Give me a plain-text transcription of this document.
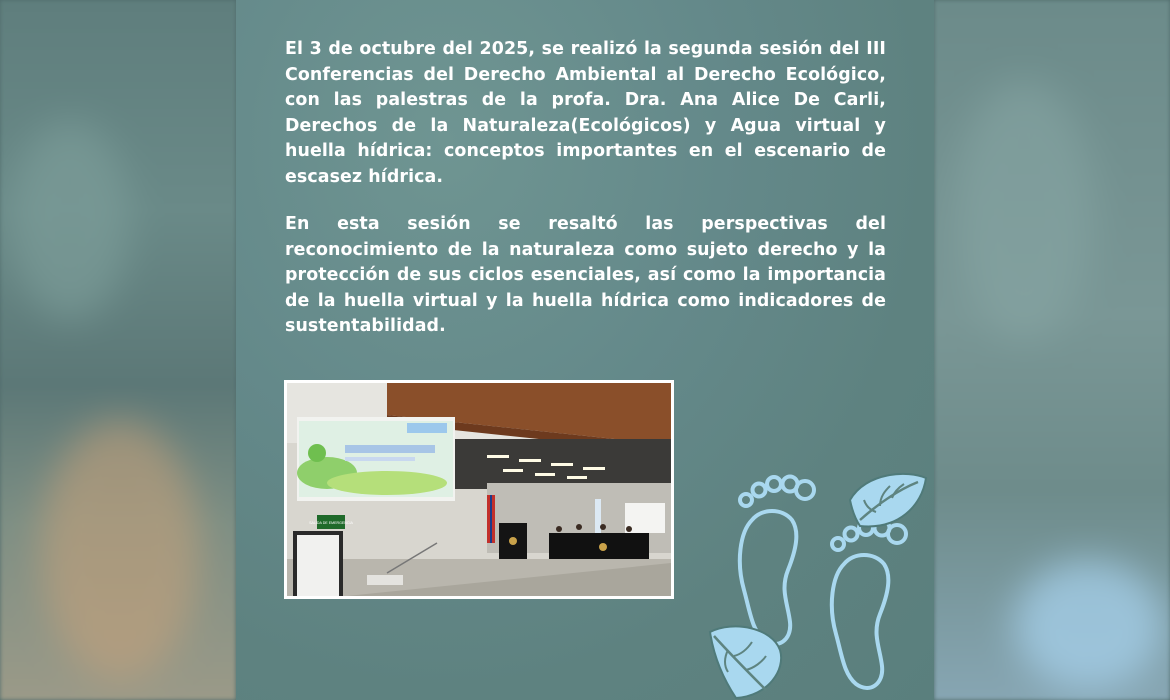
El 3 de octubre del 2025, se realizó la segunda sesión del III Conferencias del Derecho Ambiental al Derecho Ecológico, con las palestras de la profa. Dra. Ana Alice De Carli, Derechos de la Naturaleza(Ecológicos) y Agua virtual y huella hídrica: conceptos importantes en el escenario de escasez hídrica.
En esta sesión se resaltó las perspectivas del reconocimiento de la naturaleza como sujeto derecho y la protección de sus ciclos esenciales, así como la importancia de la huella virtual y la huella hídrica como indicadores de sustentabilidad.
SALIDA DE EMERGENCIA
